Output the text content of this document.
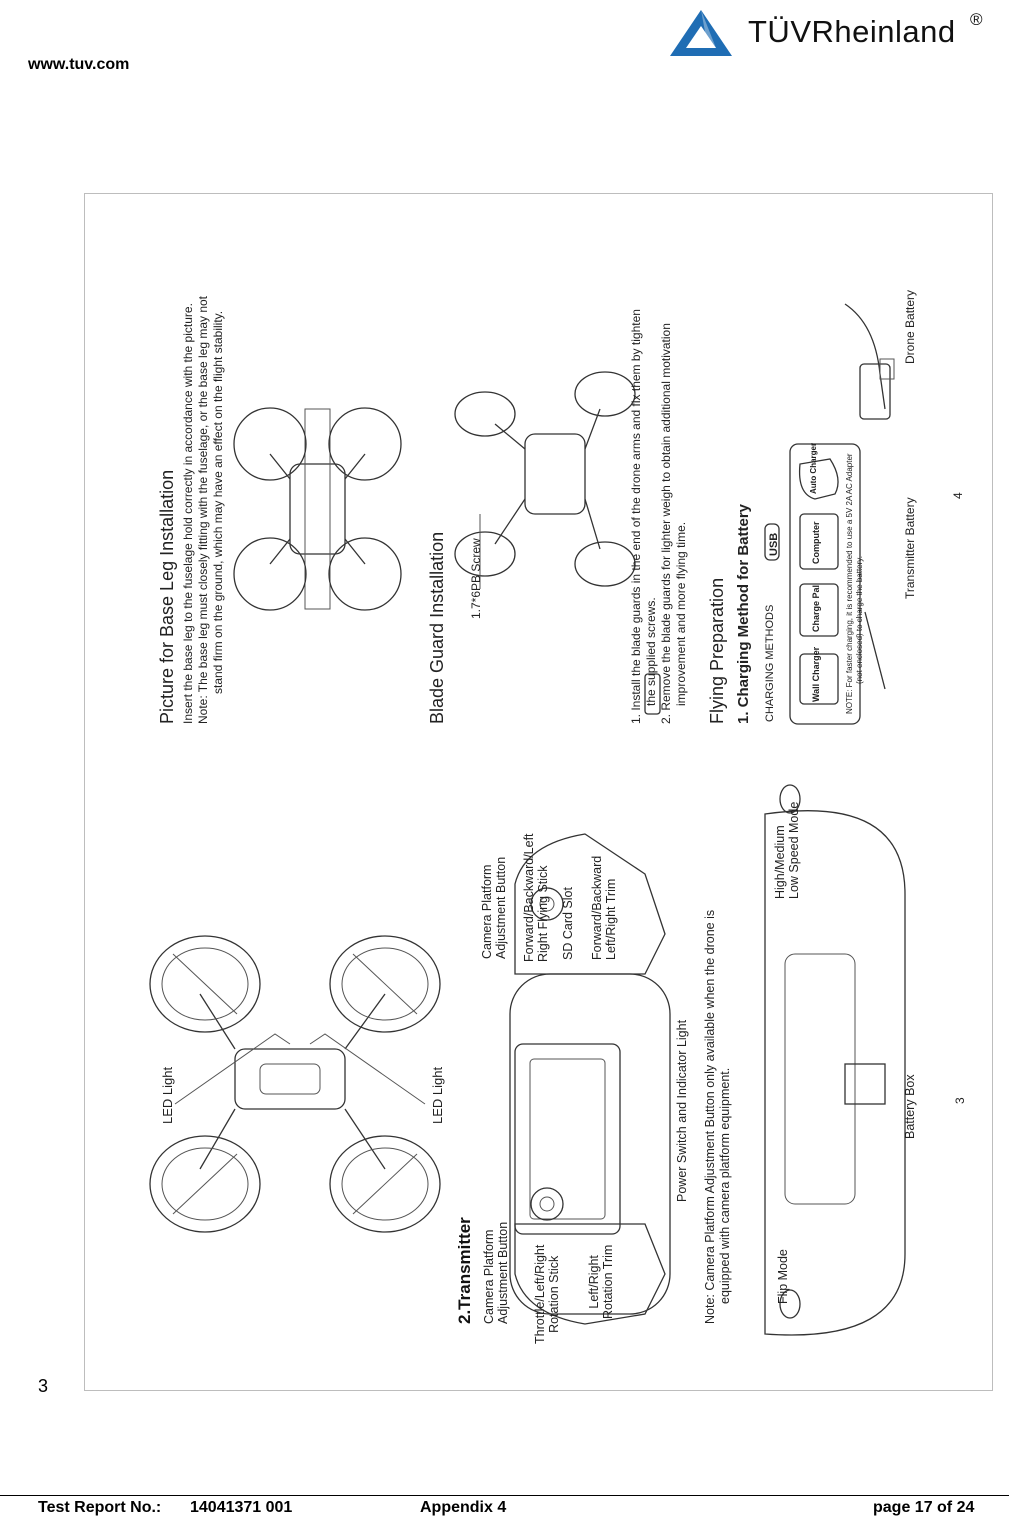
www.tuv.com
TÜVRheinland ®
3
LED Light	LED Light
2.Transmitter Camera Platform
Adjustment Button Throttle/Left/Right
Rotation Stick Left/Right
Rotation Trim
Camera Platform
Adjustment Button Forward/Backward/Left
Right Flying Stick SD Card Slot Forward/Backward
Left/Right Trim
Power Switch and Indicator Light Note: Camera Platform Adjustment Button only available when the drone is
equipped with camera platform equipment.	Flip Mode
Battery Box
High/Medium
Low Speed Mode
3
Picture for Base Leg Installation Insert the base leg to the fuselage hold correctly in accordance with the picture.
Note: The base leg must closely fitting with the fuselage, or the base leg may not
stand firm on the ground, which may have an effect on the flight stability.	Blade Guard Installation 1.7*6PB Screw	1. Install the blade guards in the end of the drone arms and fix them by tighten
the supplied screws.
2. Remove the blade guards for lighter weigh to obtain additional motivation
improvement and more flying time. Flying Preparation 1. Charging Method for Battery CHARGING METHODS
USB
Wall Charger
Charge Pal
Computer
Auto Charger	NOTE: For faster charging, it is recommended to use a 5V 2A AC Adapter
(not enclosed) to charge the battery.
Transmitter Battery
Drone Battery
4
Test Report No.: 14041371 001	Appendix 4	page 17 of 24
